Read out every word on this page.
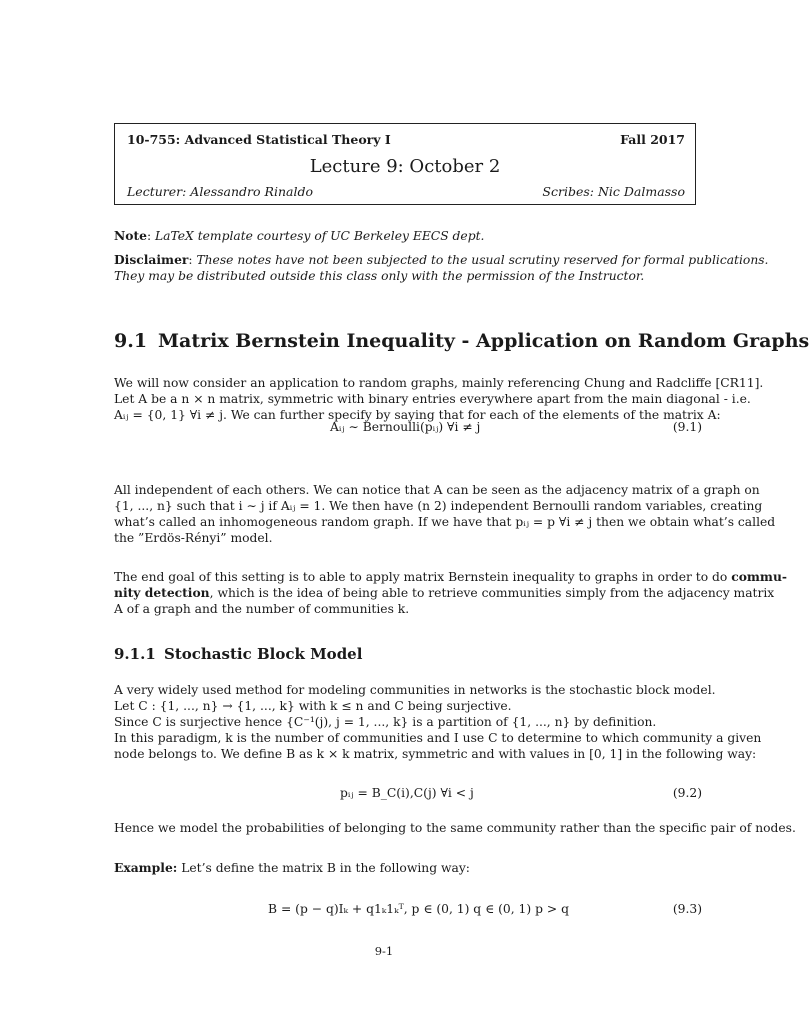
10-755: Advanced Statistical Theory I	Fall 2017
Lecture 9: October 2
Lecturer: Alessandro Rinaldo	Scribes: Nic Dalmasso
Note: LaTeX template courtesy of UC Berkeley EECS dept.
Disclaimer: These notes have not been subjected to the usual scrutiny reserved for formal publications.
They may be distributed outside this class only with the permission of the Instructor.
9.1 Matrix Bernstein Inequality - Application on Random Graphs
We will now consider an application to random graphs, mainly referencing Chung and Radcliffe [CR11].
Let A be a n × n matrix, symmetric with binary entries everywhere apart from the main diagonal - i.e.
Aᵢⱼ = {0, 1} ∀i ≠ j. We can further specify by saying that for each of the elements of the matrix A:
Aᵢⱼ ∼ Bernoulli(pᵢⱼ) ∀i ≠ j	(9.1)
All independent of each others. We can notice that A can be seen as the adjacency matrix of a graph on
{1, ..., n} such that i ∼ j if Aᵢⱼ = 1. We then have (n 2) independent Bernoulli random variables, creating
what’s called an inhomogeneous random graph. If we have that pᵢⱼ = p ∀i ≠ j then we obtain what’s called
the ”Erdös-Rényi” model.
The end goal of this setting is to able to apply matrix Bernstein inequality to graphs in order to do commu-
nity detection, which is the idea of being able to retrieve communities simply from the adjacency matrix
A of a graph and the number of communities k.
9.1.1 Stochastic Block Model
A very widely used method for modeling communities in networks is the stochastic block model.
Let C : {1, ..., n} → {1, ..., k} with k ≤ n and C being surjective.
Since C is surjective hence {C⁻¹(j), j = 1, ..., k} is a partition of {1, ..., n} by definition.
In this paradigm, k is the number of communities and I use C to determine to which community a given
node belongs to. We define B as k × k matrix, symmetric and with values in [0, 1] in the following way:
pᵢⱼ = B_C(i),C(j) ∀i < j	(9.2)
Hence we model the probabilities of belonging to the same community rather than the specific pair of nodes.
Example: Let’s define the matrix B in the following way:
B = (p − q)Iₖ + q1ₖ1ₖᵀ, p ∈ (0, 1) q ∈ (0, 1) p > q	(9.3)
9-1
